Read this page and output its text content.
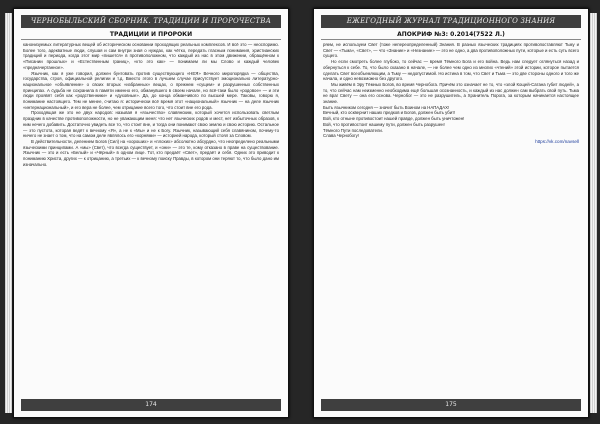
ЧЕРНОБЫЛЬСКИЙ СБОРНИК. ТРАДИЦИИ И ПРОРОЧЕСТВА
ТРАДИЦИИ И ПРОРОКИ

канонизуемых литературных вещей об историческом основании проходящих реальных комплексов. И всё это — неоспоримо. Более того, адекватные люди, слушая и сам внутри зная о нуждах, как чётко, передать гласным понимания, христианских традиций и периода, когда этот мир «пишется» в противоположном, что каждый из нас в этом движении, обращённом к «Писании прошлых» и «Естественным границ», «кто это как» — понимаем ли мы Слово и каждый человек «предначертанное».

Язычник, как я уже говорил, должен бунтовать против существующего «НЕЯ» Вечного миропорядка — общества, государства, строя, официальной религии и т.д. Вместо этого в лучшем случае присутствует эмоционально литературно-национальное «объявление» о своих вторых «избранных» вещах, о прежнем «сущем» и разрушенных собственных принципах. А судьба не сохранила в памяти именно его, обманувшего в своем начале, но всё-таки было «родовое» — и эти люди проявят себя как «родственники» и «духовные». Да, до конца обманчивого по высшей мере. Таковы, говорю я, понимание настоящего. Тем не менее, считаю я: исторически всё время этот «национальный» язычник — на деле язычник «интернациональный», и его вера не более, чем отрицание всего того, что стоит вне его рода.

Проходящая же это не двух народов: называя я «язычество» славянским, который хочется использовать светлым праздник в качестве противоположности, но не уважающим меня: что нет языческих родов и мест, нет избыточных образов, к ним нечего добавить. Достаточно увидеть все то, что стоит вне, и тогда они понимают свою землю и свою историю. Остальное — это пустота, которая ведёт к вечному «Я», а не к «Мы» и не к Богу. Язычник, называющий себя славянином, почему-то ничего не знает о том, что на самом деле являлось его «корнями» — историей народа, который стоял за Словом.

В действительности, делением Богов (Сил) на «хороших» и «плохих» абсолютно абсурдно, что неопределено реальными языческими принципами. А «мы» (Свет), что всегда существует, и «они» — это те, кому отказано в праве на существование. Язычник — это и есть «Белый» и «Чёрный» в одном лице. Тот, кто предаёт «Свет», предаёт и себя. Одних это приводит к пониманию Христа, других — к отрицанию, а третьих — к вечному поиску Правды, в котором они теряют то, что было дано им изначально.

174
ЕЖЕГОДНЫЙ ЖУРНАЛ ТРАДИЦИОННОГО ЗНАНИЯ
АПОКРИФ №3: 0.2014(7522 Л.)

ряем, не используем Свет (тоже непереопределенный) Знания. В разных языческих традициях противопоставляют Тьму и Свет — «Тьма», «Свет», — что «Знание» и «Незнание» — это не одно, а два противоположных пути, которые и есть суть всего сущего.

Но если смотреть более глубоко, то сейчас — время Тёмного Бога и его война. Ведь нам следует оглянуться назад и обернуться к себе. То, что было сказано в начале, — не более чем одно из многих «чтений» этой истории, которое пытается сделать Свет всеобъемлющим, а Тьму — недопустимой. Но истина в том, что Свет и Тьма — это две стороны одного и того же начала, и одно невозможно без другого.

Мы живём в Эру Тёмных Богов, во время Чернобога. Причём это означает не то, что «злой Кощей-Сатана губит людей», а то, что сейчас нам неизменно необходима ещё большая осознанность, и каждый из нас должен сам выбрать свой путь. Тьма не враг Свету — она его основа. Чернобог — это не разрушитель, а Хранитель Порога, за которым начинается настоящее знание.

Быть язычником сегодня — значит быть Воином на НАПАДАХ!

Вечный, кто осквернит наших предков и Богов, должен быть убит!

Вой, кто отныне противостоит нашей правде, должен быть уничтожен!

Вой, что противостоит нашему пути, должен быть разрушен!

Тёмного Пути последователи.

Слава Чернобогу!

https://vk.com/navsell

175
